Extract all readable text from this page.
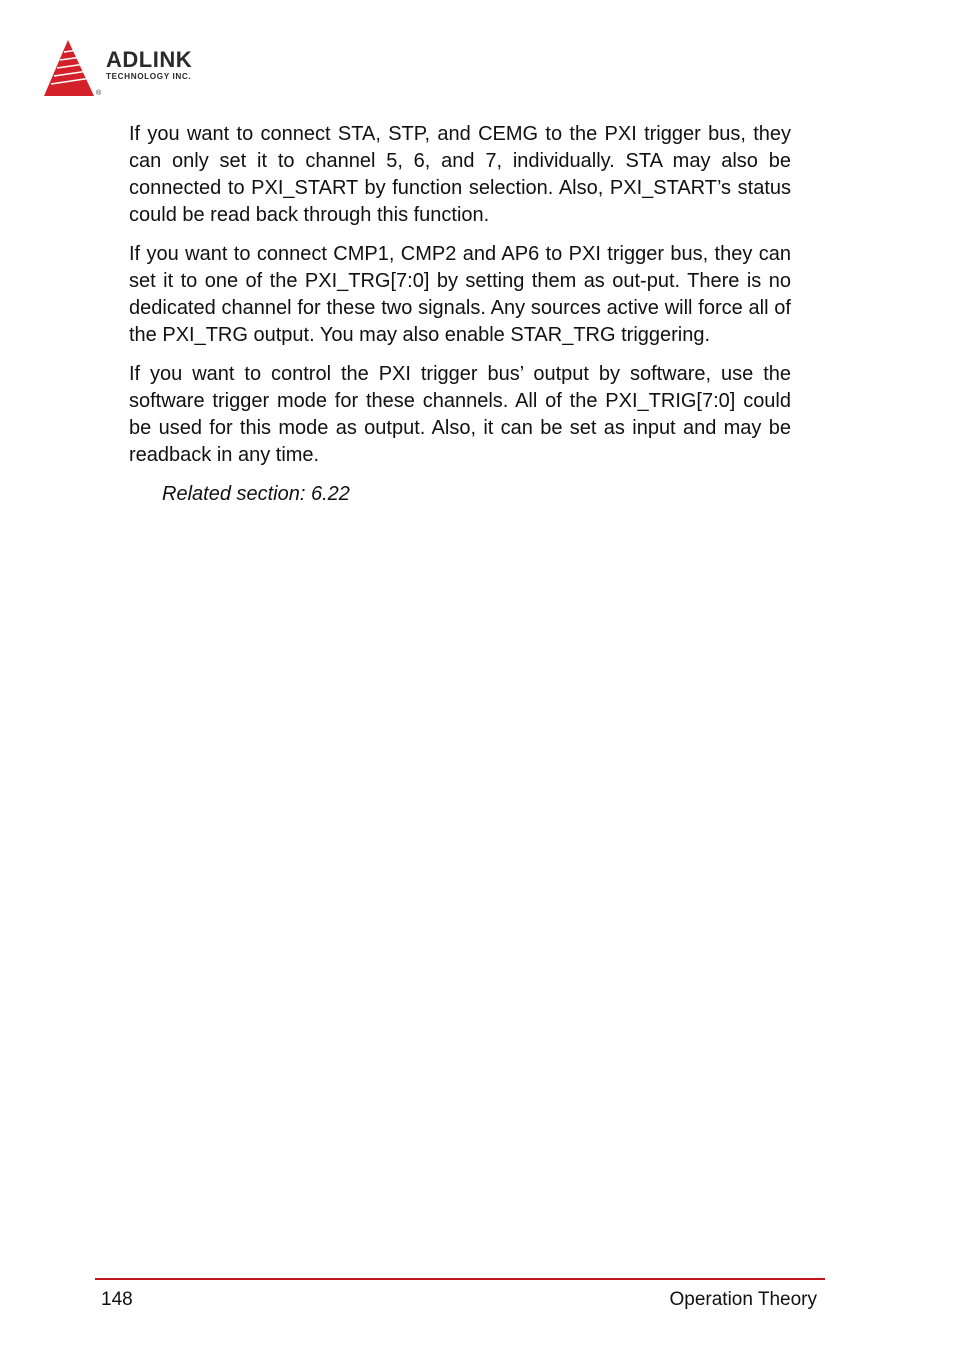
ADLINK
TECHNOLOGY INC.
®

If you want to connect STA, STP, and CEMG to the PXI trigger bus, they can only set it to channel 5, 6, and 7, individually. STA may also be connected to PXI_START by function selection. Also, PXI_START’s status could be read back through this function.

If you want to connect CMP1, CMP2 and AP6 to PXI trigger bus, they can set it to one of the PXI_TRG[7:0] by setting them as out-put. There is no dedicated channel for these two signals. Any sources active will force all of the PXI_TRG output. You may also enable STAR_TRG triggering.

If you want to control the PXI trigger bus’ output by software, use the software trigger mode for these channels. All of the PXI_TRIG[7:0] could be used for this mode as output. Also, it can be set as input and may be readback in any time.

Related section: 6.22

148	Operation Theory
